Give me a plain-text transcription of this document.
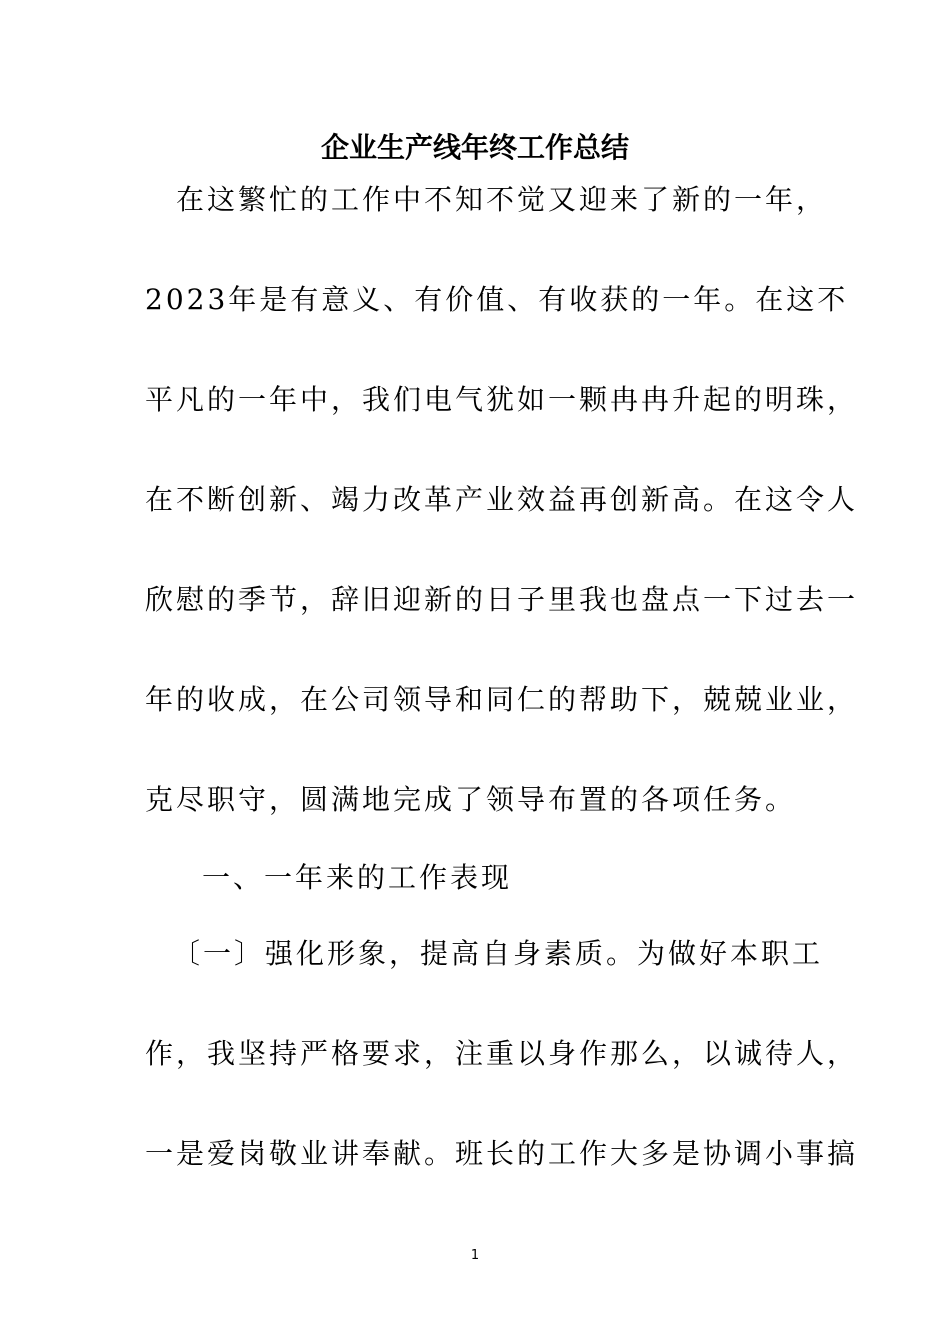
企业生产线年终工作总结
在这繁忙的工作中不知不觉又迎来了新的一年，
2023年是有意义、有价值、有收获的一年。在这不
平凡的一年中，我们电气犹如一颗冉冉升起的明珠，
在不断创新、竭力改革产业效益再创新高。在这令人
欣慰的季节，辞旧迎新的日子里我也盘点一下过去一
年的收成，在公司领导和同仁的帮助下，兢兢业业，
克尽职守，圆满地完成了领导布置的各项任务。
一、一年来的工作表现
〔一〕强化形象，提高自身素质。为做好本职工
作，我坚持严格要求，注重以身作那么，以诚待人，
一是爱岗敬业讲奉献。班长的工作大多是协调小事搞
1
